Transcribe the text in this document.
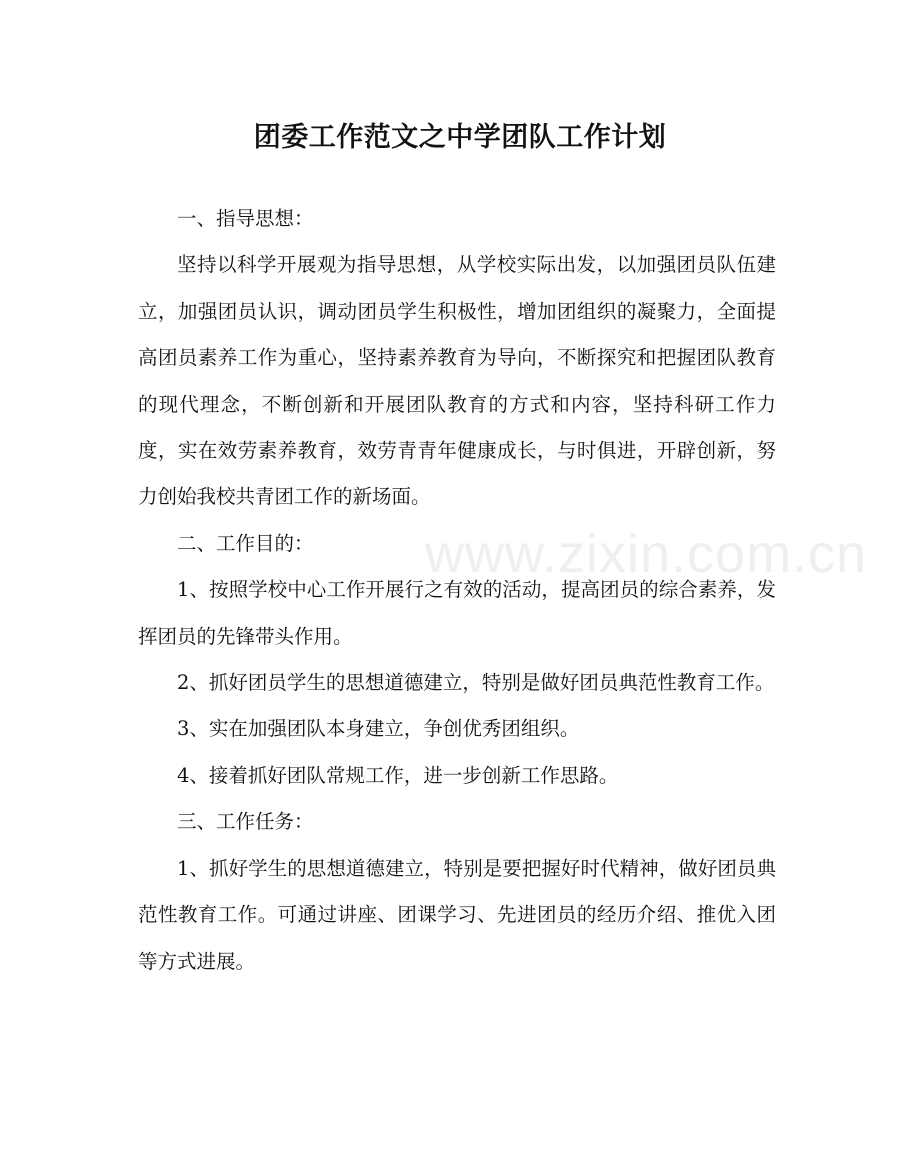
团委工作范文之中学团队工作计划

一、指导思想：

坚持以科学开展观为指导思想，从学校实际出发，以加强团员队伍建立，加强团员认识，调动团员学生积极性，增加团组织的凝聚力，全面提高团员素养工作为重心，坚持素养教育为导向，不断探究和把握团队教育的现代理念，不断创新和开展团队教育的方式和内容，坚持科研工作力度，实在效劳素养教育，效劳青青年健康成长，与时俱进，开辟创新，努力创始我校共青团工作的新场面。

二、工作目的：

1、按照学校中心工作开展行之有效的活动，提高团员的综合素养，发挥团员的先锋带头作用。

2、抓好团员学生的思想道德建立，特别是做好团员典范性教育工作。

3、实在加强团队本身建立，争创优秀团组织。

4、接着抓好团队常规工作，进一步创新工作思路。

三、工作任务：

1、抓好学生的思想道德建立，特别是要把握好时代精神，做好团员典范性教育工作。可通过讲座、团课学习、先进团员的经历介绍、推优入团等方式进展。

www.zixin.com.cn
